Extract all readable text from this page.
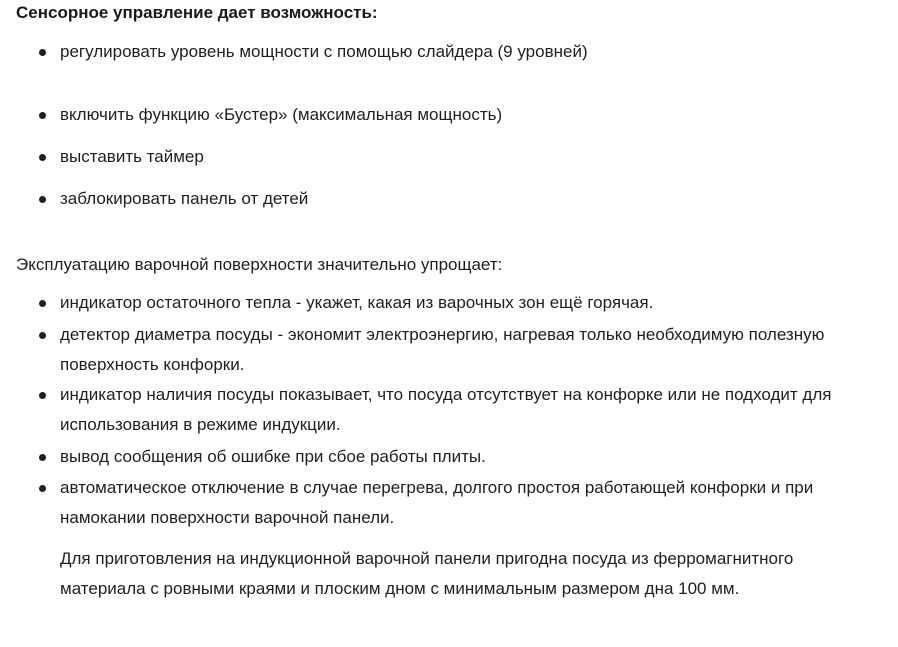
Сенсорное управление дает возможность:
регулировать уровень мощности с помощью слайдера (9 уровней)
включить функцию «Бустер» (максимальная мощность)
выставить таймер
заблокировать панель от детей
Эксплуатацию варочной поверхности значительно упрощает:
индикатор остаточного тепла - укажет, какая из варочных зон ещё горячая.
детектор диаметра посуды - экономит электроэнергию, нагревая только необходимую полезную поверхность конфорки.
индикатор наличия посуды показывает, что посуда отсутствует на конфорке или не подходит для использования в режиме индукции.
вывод сообщения об ошибке при сбое работы плиты.
автоматическое отключение в случае перегрева, долгого простоя работающей конфорки и при намокании поверхности варочной панели.
Для приготовления на индукционной варочной панели пригодна посуда из ферромагнитного материала с ровными краями и плоским дном с минимальным размером дна 100 мм.
